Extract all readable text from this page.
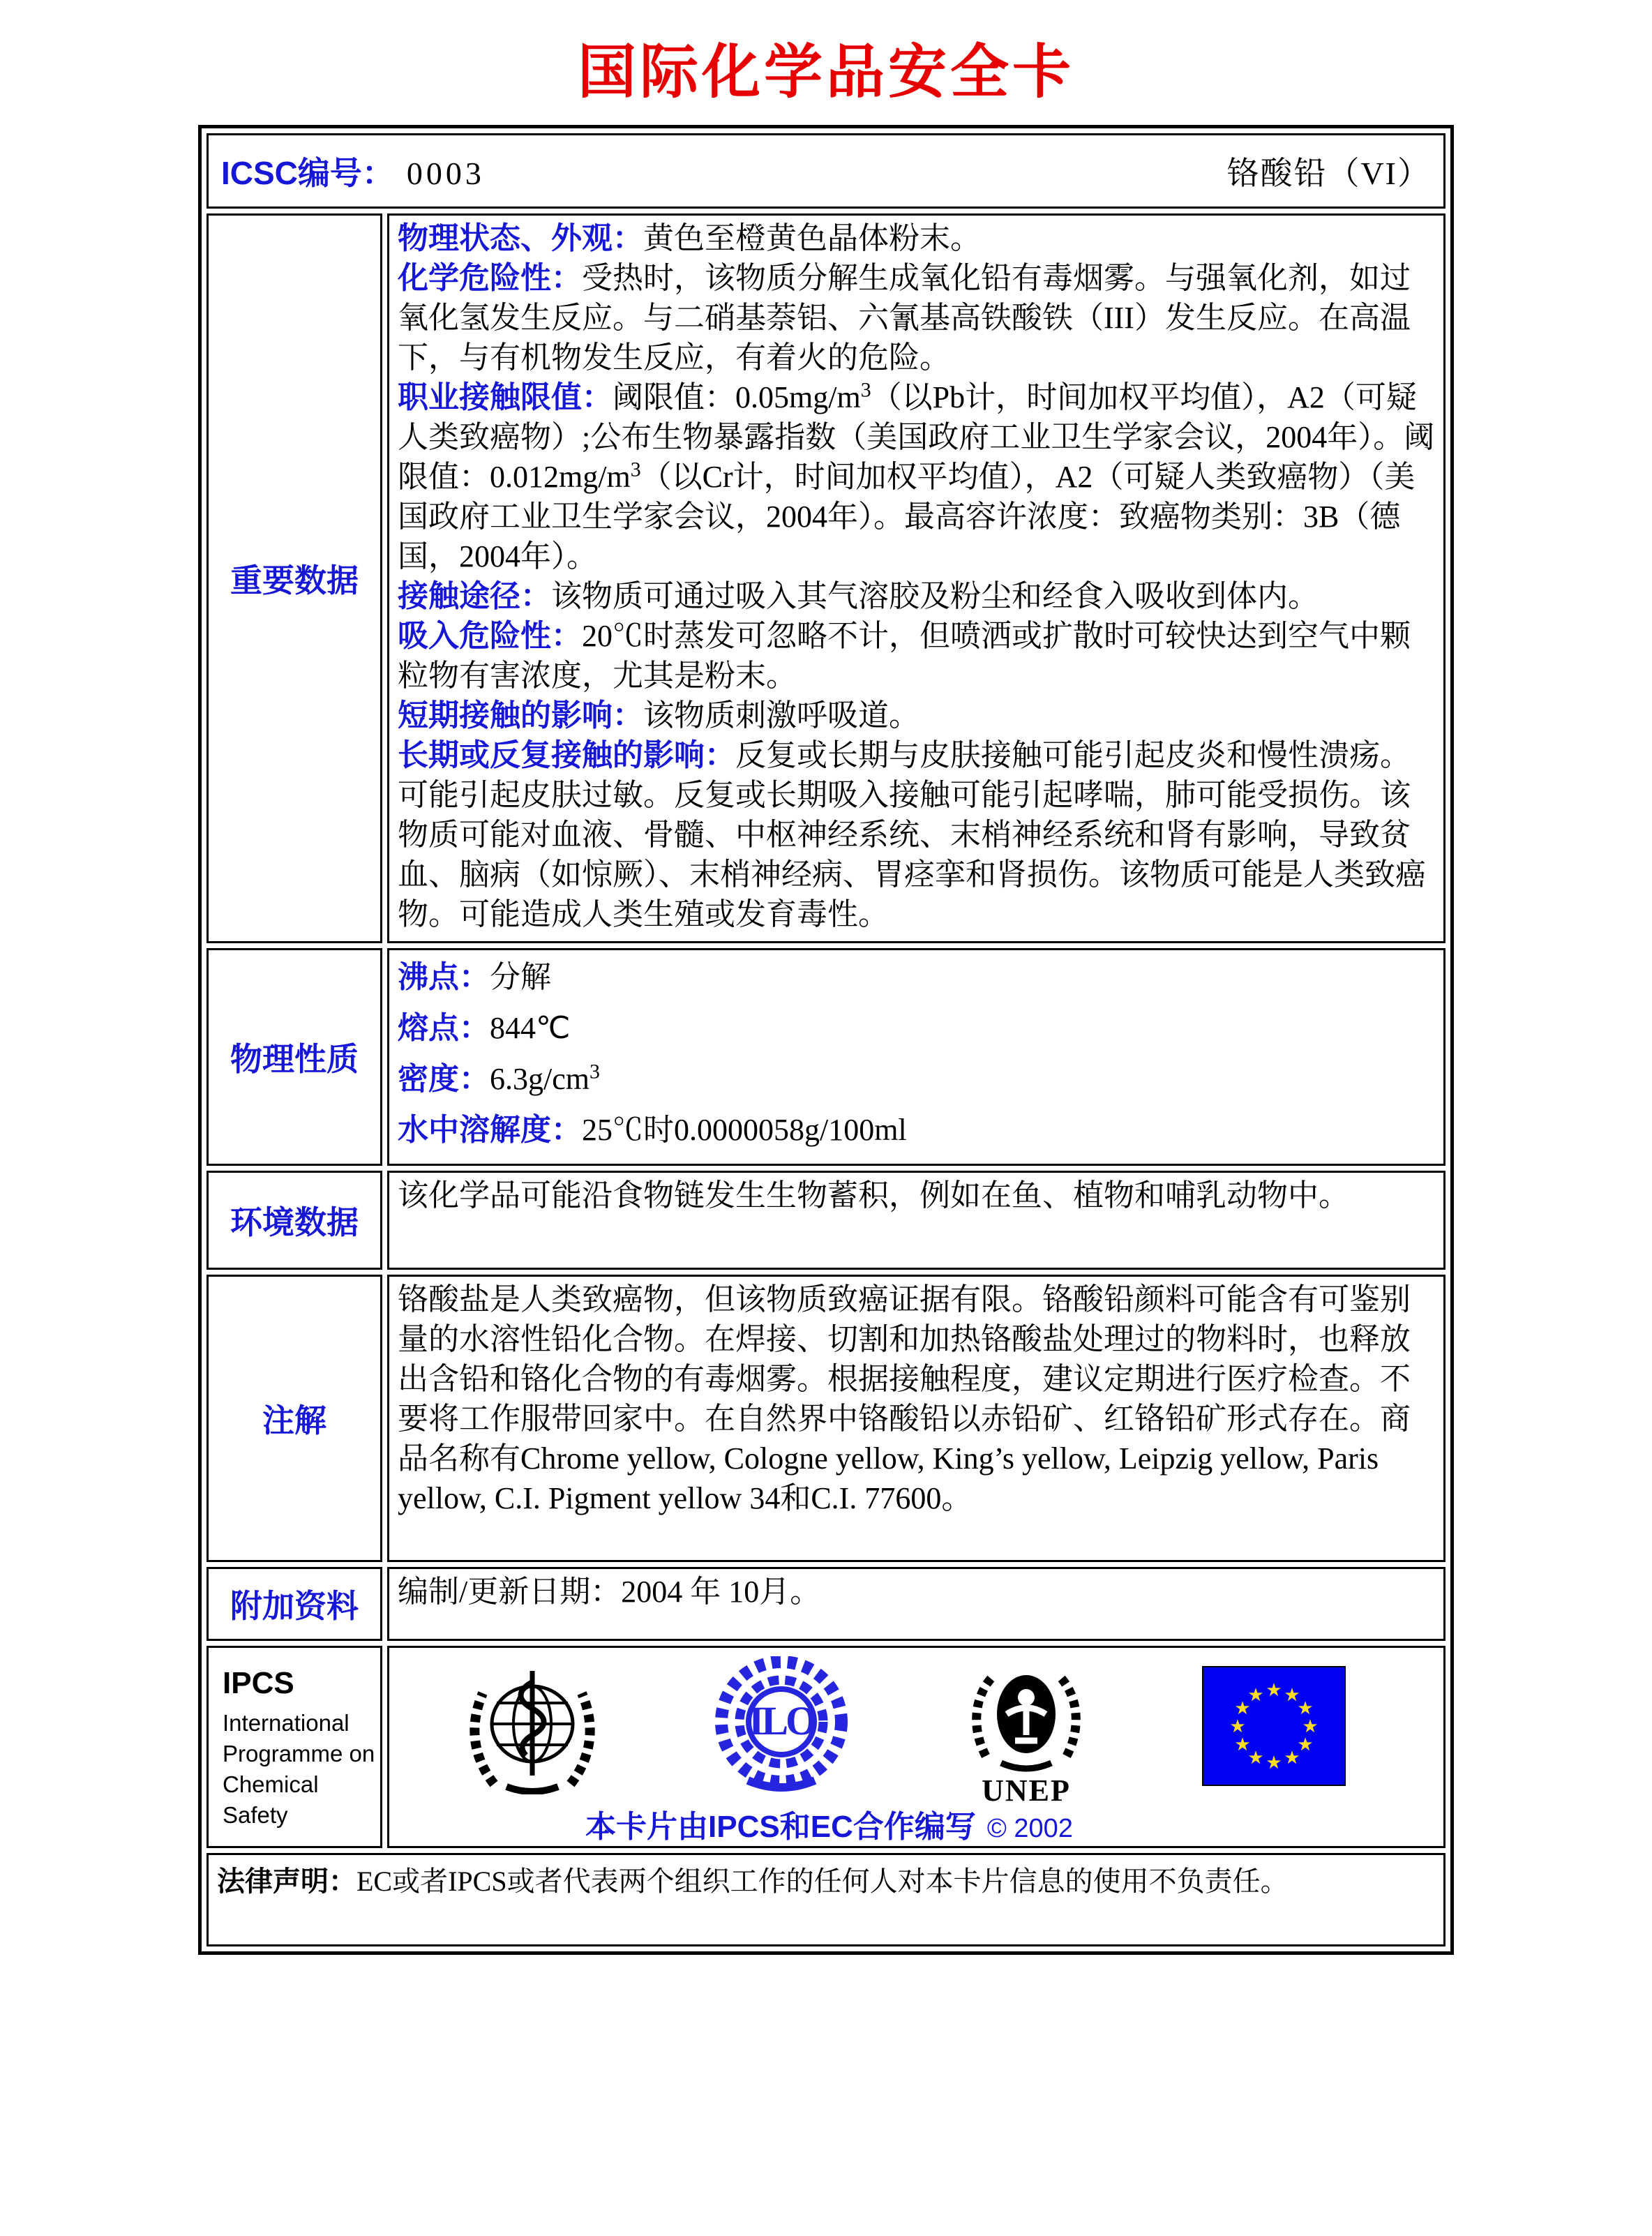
国际化学品安全卡
ICSC编号： 0003 铬酸铅（VI）	

重要数据	
物理状态、外观：黄色至橙黄色晶体粉末。
化学危险性：受热时，该物质分解生成氧化铅有毒烟雾。与强氧化剂，如过氧化氢发生反应。与二硝基萘铝、六氰基高铁酸铁（III）发生反应。在高温下，与有机物发生反应，有着火的危险。
职业接触限值：阈限值：$0.05mg/m^3$（以Pb计，时间加权平均值），A2（可疑人类致癌物）;公布生物暴露指数（美国政府工业卫生学家会议，2004年）。阈限值：$0.012mg/m^3$（以Cr计，时间加权平均值），A2（可疑人类致癌物）（美国政府工业卫生学家会议，2004年）。最高容许浓度：致癌物类别：3B（德国，2004年）。
接触途径：该物质可通过吸入其气溶胶及粉尘和经食入吸收到体内。
吸入危险性：20℃时蒸发可忽略不计，但喷洒或扩散时可较快达到空气中颗粒物有害浓度，尤其是粉末。
短期接触的影响：该物质刺激呼吸道。
长期或反复接触的影响：反复或长期与皮肤接触可能引起皮炎和慢性溃疡。可能引起皮肤过敏。反复或长期吸入接触可能引起哮喘，肺可能受损伤。该物质可能对血液、骨髓、中枢神经系统、末梢神经系统和肾有影响，导致贫血、脑病（如惊厥）、末梢神经病、胃痉挛和肾损伤。该物质可能是人类致癌物。可能造成人类生殖或发育毒性。

物理性质	沸点：分解
熔点：844℃
密度：$6.3g/cm^3$
水中溶解度：25℃时0.0000058g/100ml

环境数据	该化学品可能沿食物链发生生物蓄积，例如在鱼、植物和哺乳动物中。

注解	铬酸盐是人类致癌物，但该物质致癌证据有限。铬酸铅颜料可能含有可鉴别量的水溶性铅化合物。在焊接、切割和加热铬酸盐处理过的物料时，也释放出含铅和铬化合物的有毒烟雾。根据接触程度，建议定期进行医疗检查。不要将工作服带回家中。在自然界中铬酸铅以赤铅矿、红铬铅矿形式存在。商品名称有Chrome yellow, Cologne yellow, King’s yellow, Leipzig yellow, Paris yellow, C.I. Pigment yellow 34和C.I. 77600。

附加资料	编制/更新日期：2004 年 10月。

IPCS
International
Programme on
Chemical Safety

ILO
UNEP
★ ★
★
★
★
★
★
★
★
★
★
★
本卡片由IPCS和EC合作编写 © 2002

法律声明：EC或者IPCS或者代表两个组织工作的任何人对本卡片信息的使用不负责任。	
